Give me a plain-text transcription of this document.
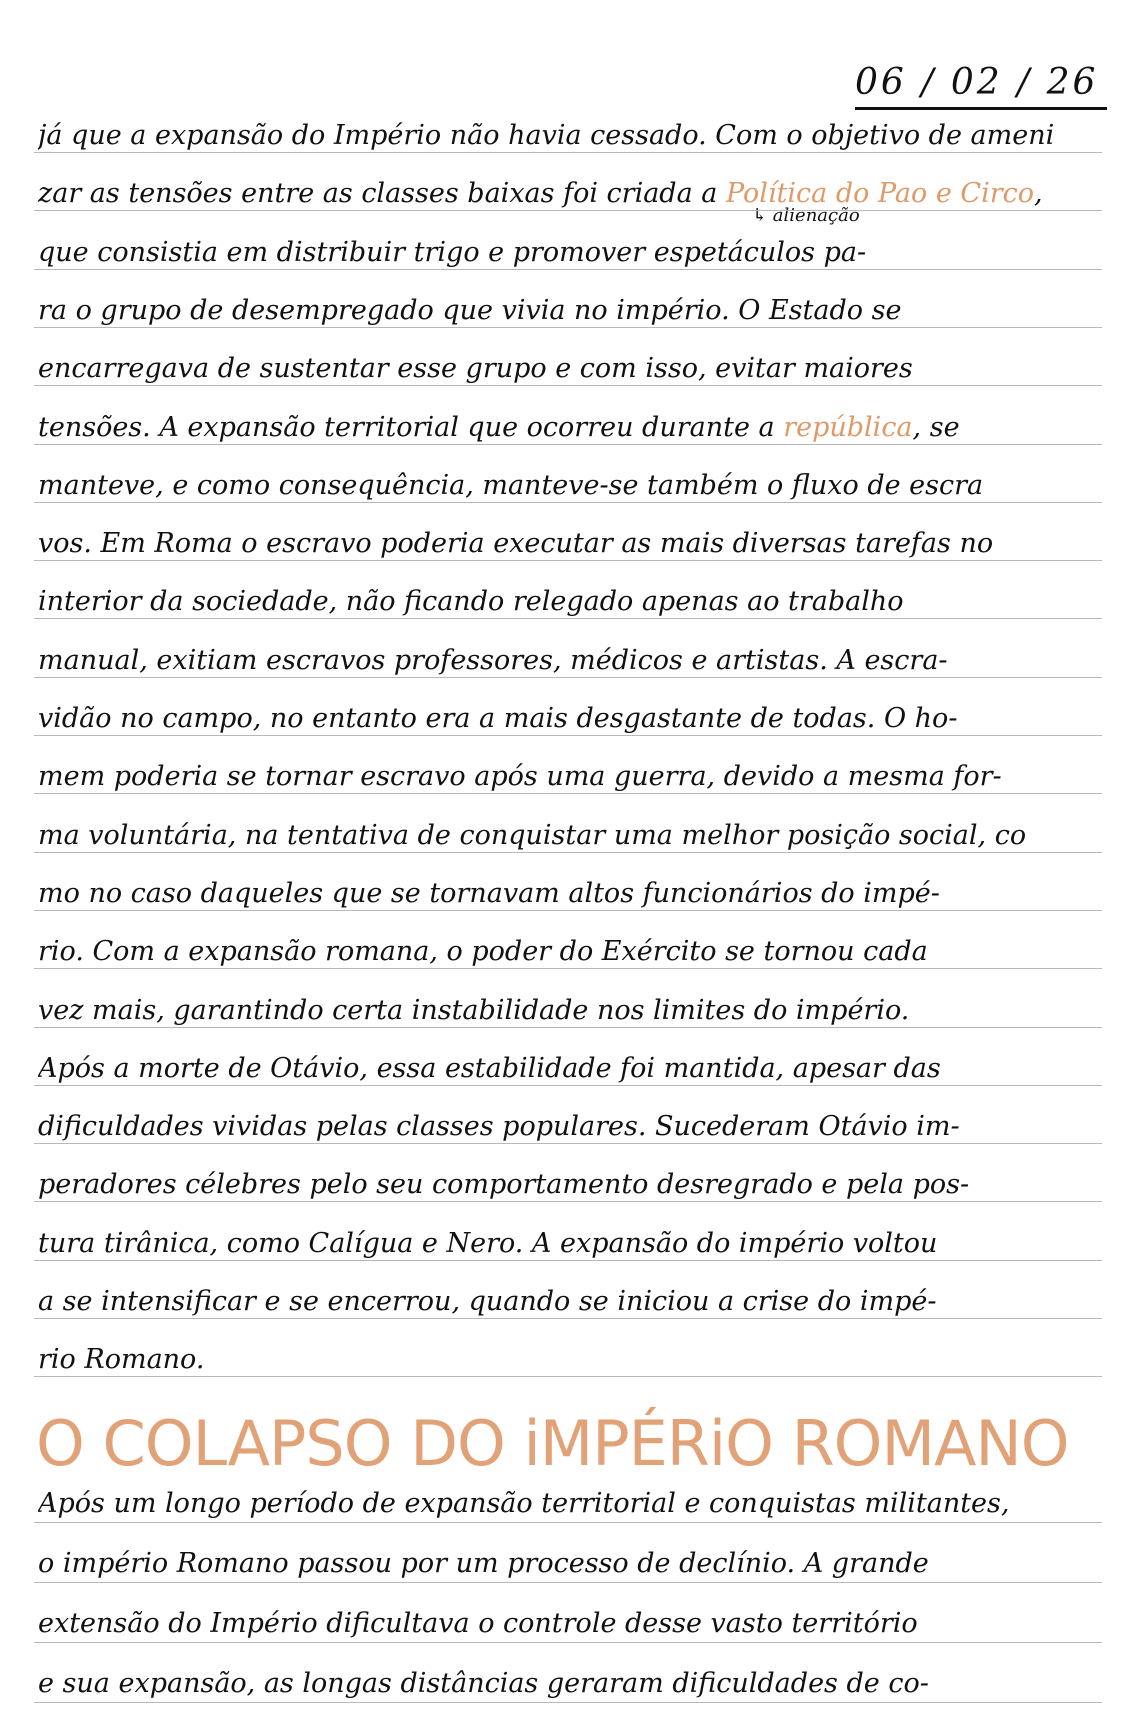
06 / 02 / 26
↳ alienação
O COLAPSO DO iMPÉRiO ROMANO
já que a expansão do Império não havia cessado. Com o objetivo de ameni
zar as tensões entre as classes baixas foi criada a Política do Pao e Circo,
que consistia em distribuir trigo e promover espetáculos pa-
ra o grupo de desempregado que vivia no império. O Estado se
encarregava de sustentar esse grupo e com isso, evitar maiores
tensões. A expansão territorial que ocorreu durante a república, se
manteve, e como consequência, manteve-se também o fluxo de escra
vos. Em Roma o escravo poderia executar as mais diversas tarefas no
interior da sociedade, não ficando relegado apenas ao trabalho
manual, exitiam escravos professores, médicos e artistas. A escra-
vidão no campo, no entanto era a mais desgastante de todas. O ho-
mem poderia se tornar escravo após uma guerra, devido a mesma for-
ma voluntária, na tentativa de conquistar uma melhor posição social, co
mo no caso daqueles que se tornavam altos funcionários do impé-
rio. Com a expansão romana, o poder do Exército se tornou cada
vez mais, garantindo certa instabilidade nos limites do império.
Após a morte de Otávio, essa estabilidade foi mantida, apesar das
dificuldades vividas pelas classes populares. Sucederam Otávio im-
peradores célebres pelo seu comportamento desregrado e pela pos-
tura tirânica, como Calígua e Nero. A expansão do império voltou
a se intensificar e se encerrou, quando se iniciou a crise do impé-
rio Romano.
Após um longo período de expansão territorial e conquistas militantes,
o império Romano passou por um processo de declínio. A grande
extensão do Império dificultava o controle desse vasto território
e sua expansão, as longas distâncias geraram dificuldades de co-
